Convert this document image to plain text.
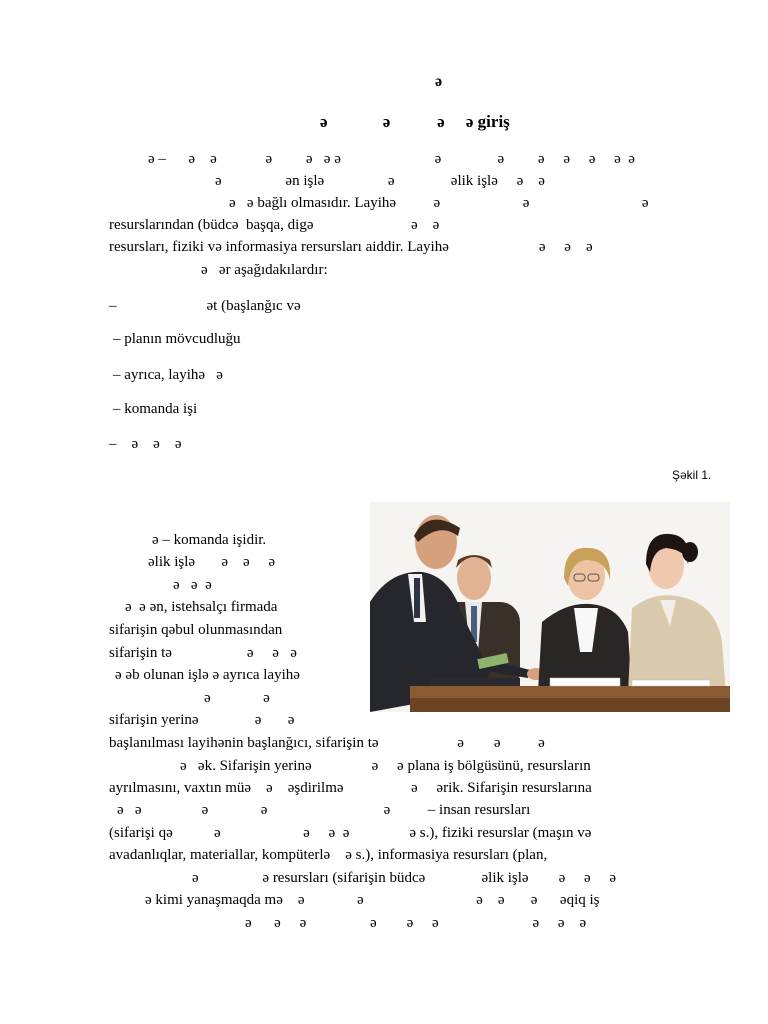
ə
ə             ə           ə     ə giriş
ə –      ə    ə             ə         ə   ə ə                         ə               ə         ə     ə     ə     ə  ə
ə                 ən işlə                 ə               əlik işlə     ə    ə
ə   ə bağlı olmasıdır. Layihə          ə                      ə                              ə
resurslarından (büdcə  başqa, digə                          ə    ə
resursları, fiziki və informasiya rersursları aiddir. Layihə                        ə     ə    ə
ə   ər aşağıdakılardır:
–                        ət (başlanğıc və
– planın mövcudluğu
– ayrıca, layihə   ə
– komanda işi
–    ə    ə    ə
Şəkil 1.
ə – komanda işidir.
əlik işlə       ə    ə     ə
ə   ə  ə
ə  ə ən, istehsalçı firmada
sifarişin qəbul olunmasından
sifarişin tə                    ə     ə   ə
ə əb olunan işlə ə ayrıca layihə
ə              ə
sifarişin yerinə               ə       ə
başlanılması layihənin başlanğıcı, sifarişin tə                     ə        ə          ə
ə   ək. Sifarişin yerinə                ə     ə plana iş bölgüsünü, resursların
ayrılmasını, vaxtın müə    ə    əşdirilmə                  ə     ərik. Sifarişin resurslarına
ə   ə                ə              ə                               ə          – insan resursları
(sifarişi qə           ə                      ə     ə  ə                ə s.), fiziki resurslar (maşın və
avadanlıqlar, materiallar, kompüterlə    ə s.), informasiya resursları (plan,
ə                 ə resursları (sifarişin büdcə               əlik işlə        ə     ə     ə
ə kimi yanaşmaqda mə    ə              ə                              ə    ə       ə      əqiq iş
ə      ə     ə                 ə        ə     ə                         ə     ə    ə
